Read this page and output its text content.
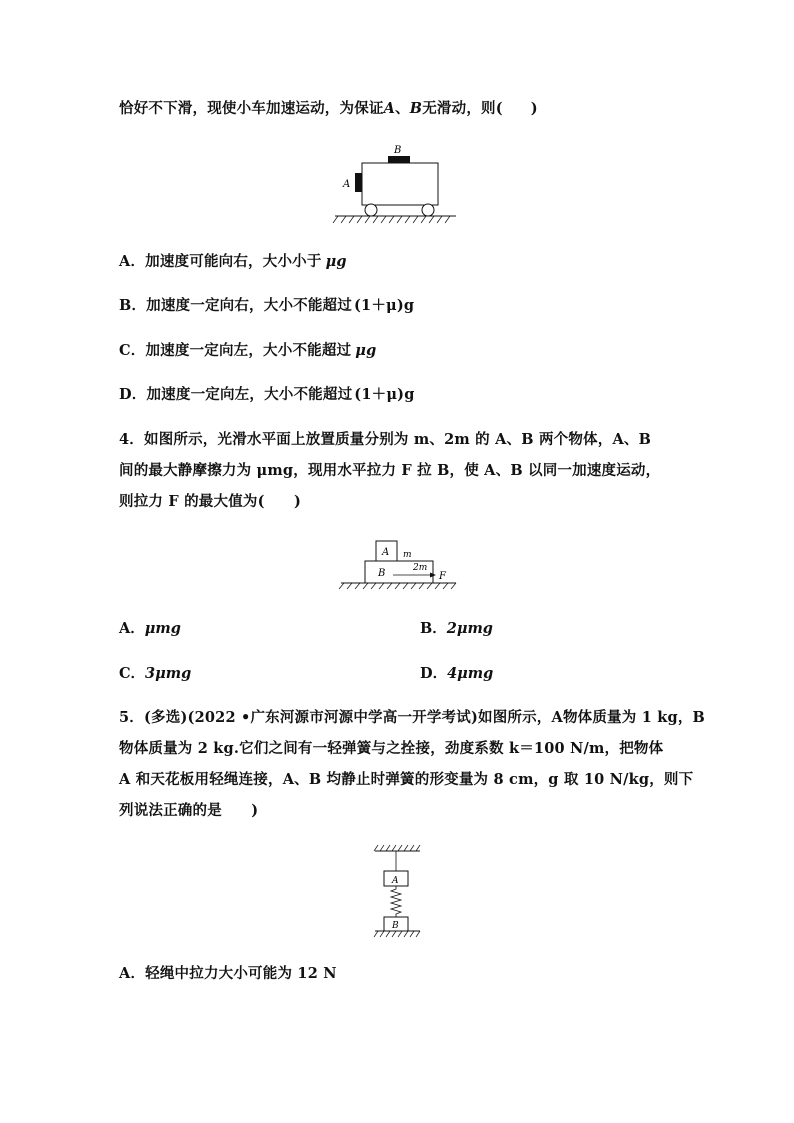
恰好不下滑，现使小车加速运动，为保证A、B无滑动，则( )
B
A
A．加速度可能向右，大小小于 μg
B．加速度一定向右，大小不能超过 (1＋μ)g
C．加速度一定向左，大小不能超过 μg
D．加速度一定向左，大小不能超过 (1＋μ)g
4．如图所示，光滑水平面上放置质量分别为 m、2m 的 A、B 两个物体，A、B
间的最大静摩擦力为 μmg，现用水平拉力 F 拉 B，使 A、B 以同一加速度运动，
则拉力 F 的最大值为(　　)
A m
B	2m
F
A．μmg	B．2μmg
C．3μmg	D．4μmg
5．(多选)(2022 •广东河源市河源中学高一开学考试)如图所示，A物体质量为 1 kg，B
物体质量为 2 kg.它们之间有一轻弹簧与之拴接，劲度系数 k＝100 N/m，把物体
A 和天花板用轻绳连接，A、B 均静止时弹簧的形变量为 8 cm，g 取 10 N/kg，则下
列说法正确的是　　)
A
B
A．轻绳中拉力大小可能为 12 N
